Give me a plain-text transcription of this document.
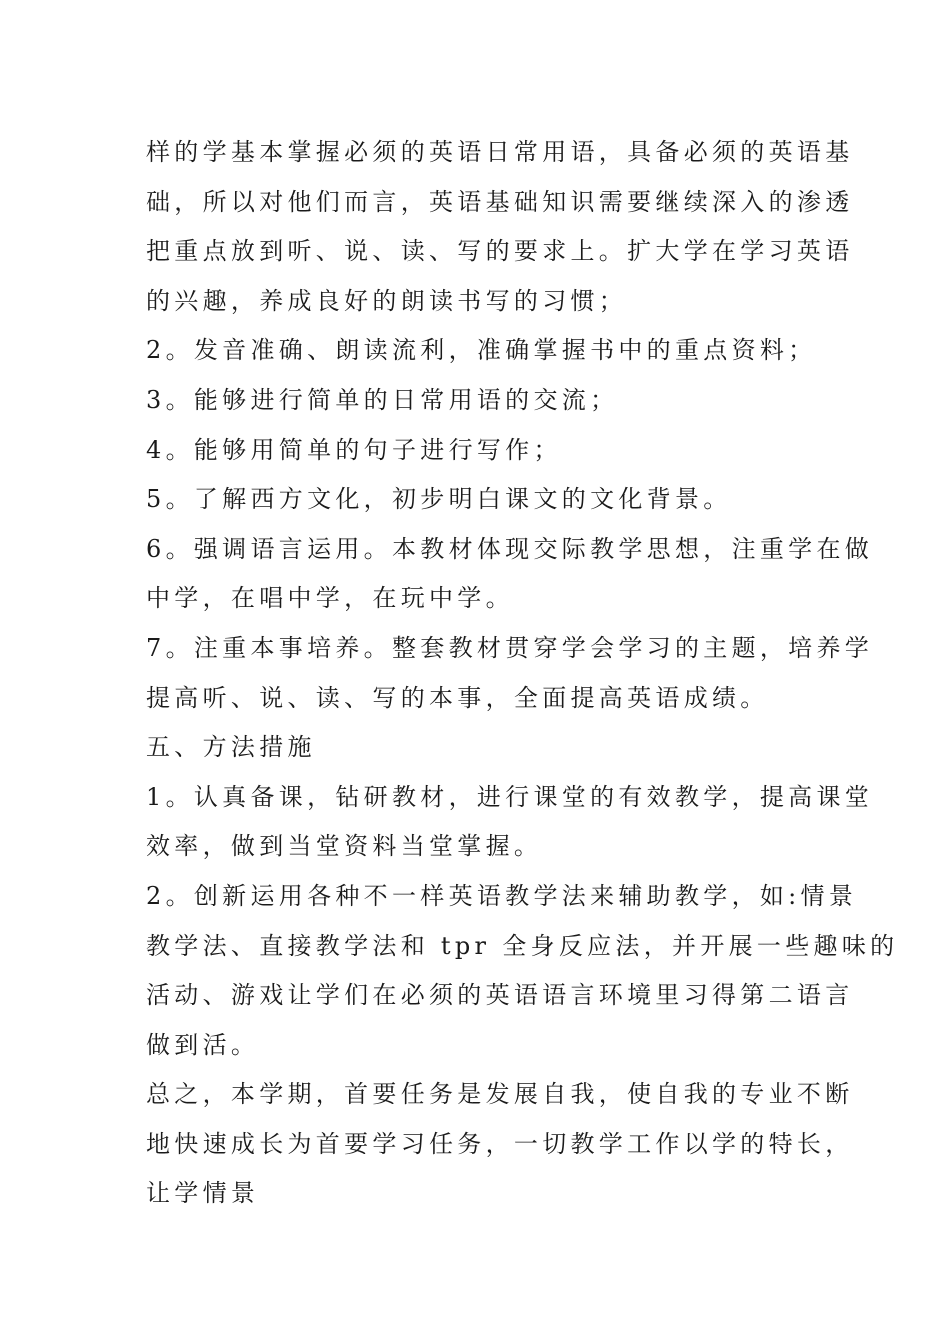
样的学基本掌握必须的英语日常用语，具备必须的英语基
础，所以对他们而言，英语基础知识需要继续深入的渗透
把重点放到听、说、读、写的要求上。扩大学在学习英语
的兴趣，养成良好的朗读书写的习惯；
2。发音准确、朗读流利，准确掌握书中的重点资料；
3。能够进行简单的日常用语的交流；
4。能够用简单的句子进行写作；
5。了解西方文化，初步明白课文的文化背景。
6。强调语言运用。本教材体现交际教学思想，注重学在做
中学，在唱中学，在玩中学。
7。注重本事培养。整套教材贯穿学会学习的主题，培养学
提高听、说、读、写的本事，全面提高英语成绩。
五、方法措施
1。认真备课，钻研教材，进行课堂的有效教学，提高课堂
效率，做到当堂资料当堂掌握。
2。创新运用各种不一样英语教学法来辅助教学，如:情景
教学法、直接教学法和 tpr 全身反应法，并开展一些趣味的
活动、游戏让学们在必须的英语语言环境里习得第二语言
做到活。
总之，本学期，首要任务是发展自我，使自我的专业不断
地快速成长为首要学习任务，一切教学工作以学的特长，
让学情景
